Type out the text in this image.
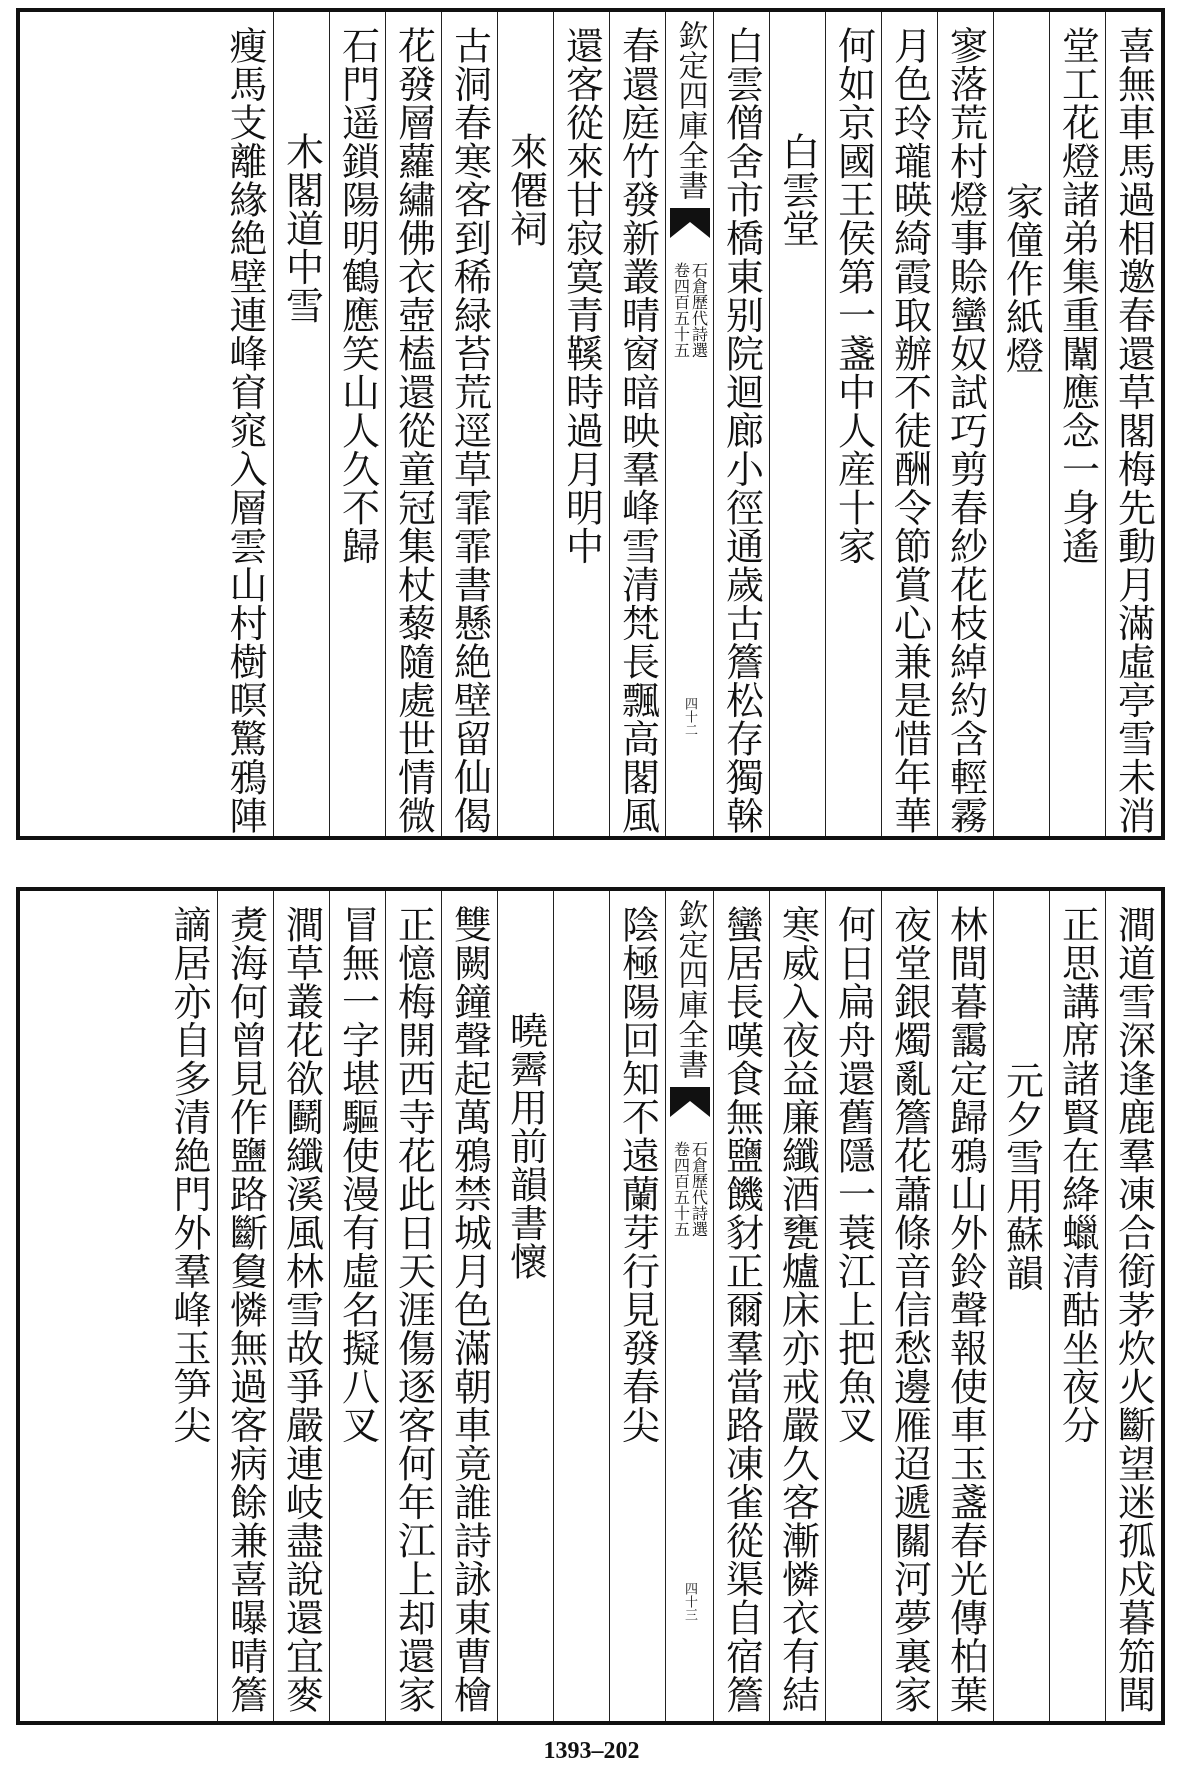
喜無車馬過相邀春還草閣梅先動月滿虛亭雪未消
堂工花燈諸弟集重闈應念一身遙
家僮作紙燈
寥落荒村燈事賒蠻奴試巧剪春紗花枝綽約含輕霧
月色玲瓏暎綺霞取辦不徒酬令節賞心兼是惜年華
何如京國王侯第一盞中人産十家
白雲堂
白雲僧舍市橋東别院迴廊小徑通歲古簷松存獨榦
欽定四庫全書
石倉歷代詩選
卷四百五十五
四十二
春還庭竹發新叢晴窗暗映羣峰雪清梵長飄高閣風
還客從來甘寂寞青鞵時過月明中
來僊祠
古洞春寒客到稀緑苔荒逕草霏霏書懸絶壁留仙偈
花發層蘿繡佛衣壺榼還從童冠集杖藜隨處世情微
石門遥鎖陽明鶴應笑山人久不歸
木閣道中雪
瘦馬支離緣絶壁連峰窅窕入層雲山村樹暝驚鴉陣
澗道雪深逢鹿羣凍合銜茅炊火斷望迷孤戍暮笳聞
正思講席諸賢在絳蠟清酤坐夜分
元夕雪用蘇韻
林間暮靄定歸鴉山外鈴聲報使車玉盞春光傳柏葉
夜堂銀燭亂簷花蕭條音信愁邊雁迢遞關河夢裏家
何日扁舟還舊隱一蓑江上把魚叉
寒威入夜益廉纖酒甕爐床亦戒嚴久客漸憐衣有結
蠻居長嘆食無鹽饑豺正爾羣當路凍雀從渠自宿簷
欽定四庫全書
石倉歷代詩選
卷四百五十五
四十三
陰極陽回知不遠蘭芽行見發春尖
曉霽用前韻書懷
雙闕鐘聲起萬鴉禁城月色滿朝車竟誰詩詠東曹檜
正憶梅開西寺花此日天涯傷逐客何年江上却還家
冒無一字堪驅使漫有虛名擬八叉
澗草叢花欲鬬纖溪風林雪故爭嚴連岐盡說還宜麥
煑海何曾見作鹽路斷敻憐無過客病餘兼喜曝晴簷
謫居亦自多清絶門外羣峰玉笋尖
1393–202
